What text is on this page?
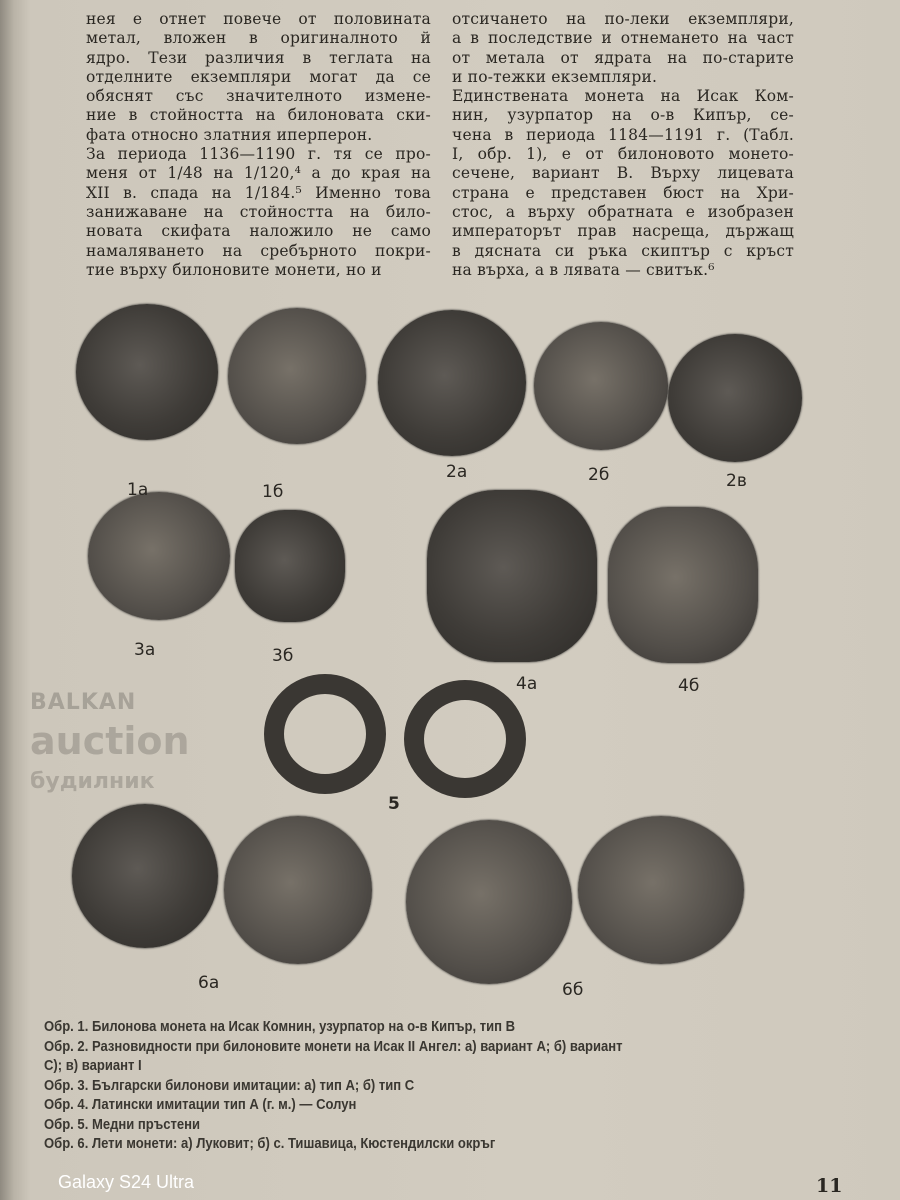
нея е отнет повече от половината
метал, вложен в оригиналното й
ядро. Тези различия в теглата на
отделните екземпляри могат да се
обяснят със значителното измене-
ние в стойността на билоновата ски-
фата относно златния иперперон.
За периода 1136—1190 г. тя се про-
меня от 1/48 на 1/120,⁴ а до края на
XII в. спада на 1/184.⁵ Именно това
занижаване на стойността на било-
новата скифата наложило не само
намаляването на сребърното покри-
тие върху билоновите монети, но и
отсичането на по-леки екземпляри,
а в последствие и отнемането на част
от метала от ядрата на по-старите
и по-тежки екземпляри.
Единствената монета на Исак Ком-
нин, узурпатор на о-в Кипър, се-
чена в периода 1184—1191 г. (Табл.
I, обр. 1), е от билоновото монето-
сечене, вариант В. Върху лицевата
страна е представен бюст на Хри-
стос, а върху обратната е изобразен
императорът прав насреща, държащ
в дясната си ръка скиптър с кръст
на върха, а в лявата — свитък.⁶
1а	1б
2а	2б	2в
3а	3б
4а	4б
5
6а	6б
BALKAN
auction
будилник
Обр. 1. Билонова монета на Исак Комнин, узурпатор на о-в Кипър, тип В
Обр. 2. Разновидности при билоновите монети на Исак II Ангел: а) вариант А; б) вариант
С); в) вариант I
Обр. 3. Български билонови имитации: а) тип А; б) тип С
Обр. 4. Латински имитации тип А (г. м.) — Солун
Обр. 5. Медни пръстени
Обр. 6. Лети монети: а) Луковит; б) с. Тишавица, Кюстендилски окръг
Galaxy S24 Ultra	11
